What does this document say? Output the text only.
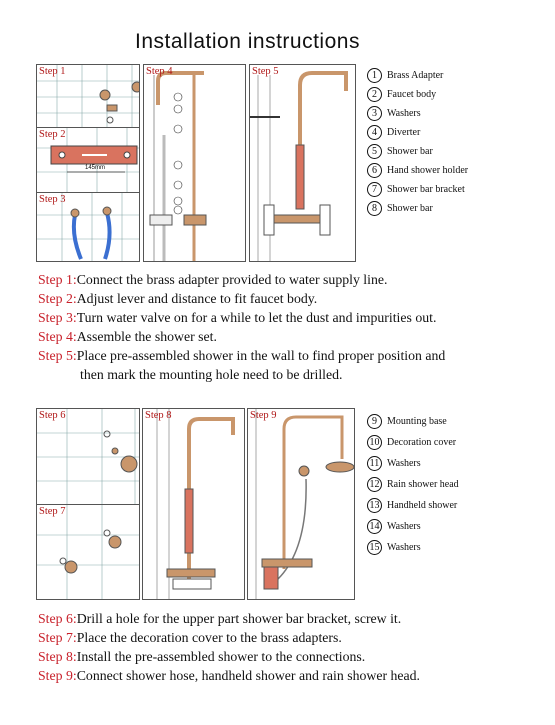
Installation instructions
Step 1
Step 2
145mm
Step 3
Step 4	Step 5	1	Brass Adapter
2	Faucet body
3	Washers
4	Diverter
5	Shower bar
6	Hand shower holder
7	Shower bar bracket
8	Shower bar
Step 1:Connect the brass adapter provided to water supply line.
Step 2:Adjust lever and distance to fit faucet body.
Step 3:Turn water valve on for a while to let the dust and impurities out.
Step 4:Assemble the shower set.
Step 5:Place pre-assembled shower in the wall to find proper position and
then mark the mounting hole need to be drilled.
Step 6
Step 7
Step 8	Step 9
9	Mounting base
10 Decoration cover
11 Washers
12 Rain shower head
13 Handheld shower
14 Washers
15 Washers
Step 6:Drill a hole for the upper part shower bar bracket, screw it.
Step 7:Place the decoration cover to the brass adapters.
Step 8:Install the pre-assembled shower to the connections.
Step 9:Connect shower hose, handheld shower and rain shower head.
